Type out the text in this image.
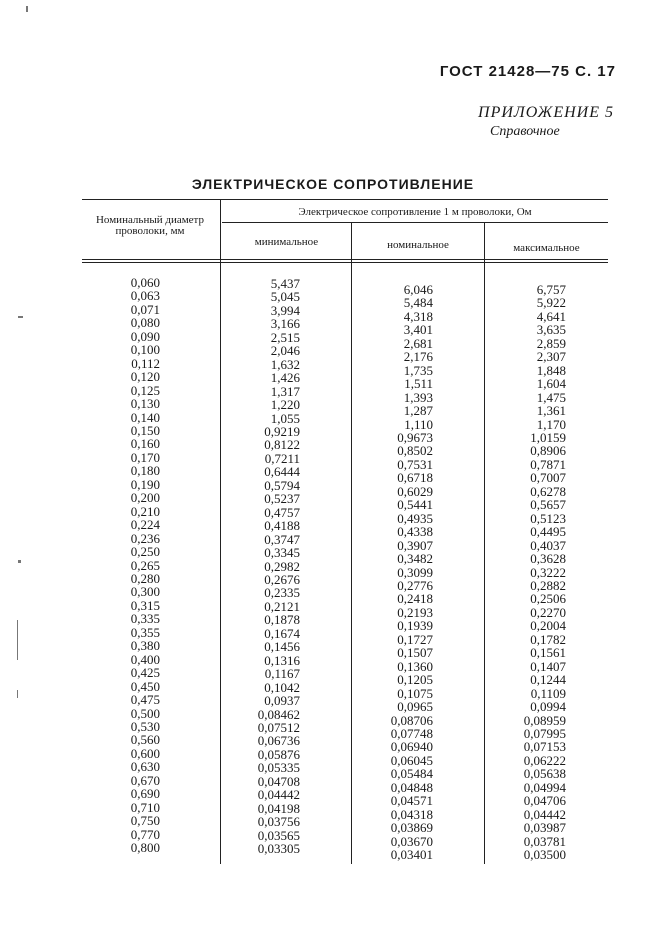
ГОСТ 21428—75 С. 17
ПРИЛОЖЕНИЕ 5
Справочное
ЭЛЕКТРИЧЕСКОЕ СОПРОТИВЛЕНИЕ
Номинальный диаметр проволоки, мм
Электрическое сопротивление 1 м проволоки, Ом
минимальное	номинальное	максимальное
0,060
0,063
0,071
0,080
0,090
0,100
0,112
0,120
0,125
0,130
0,140
0,150
0,160
0,170
0,180
0,190
0,200
0,210
0,224
0,236
0,250
0,265
0,280
0,300
0,315
0,335
0,355
0,380
0,400
0,425
0,450
0,475
0,500
0,530
0,560
0,600
0,630
0,670
0,690
0,710
0,750
0,770
0,800
5,437
5,045
3,994
3,166
2,515
2,046
1,632
1,426
1,317
1,220
1,055
0,9219
0,8122
0,7211
0,6444
0,5794
0,5237
0,4757
0,4188
0,3747
0,3345
0,2982
0,2676
0,2335
0,2121
0,1878
0,1674
0,1456
0,1316
0,1167
0,1042
0,0937
0,08462
0,07512
0,06736
0,05876
0,05335
0,04708
0,04442
0,04198
0,03756
0,03565
0,03305
6,046
5,484
4,318
3,401
2,681
2,176
1,735
1,511
1,393
1,287
1,110
0,9673
0,8502
0,7531
0,6718
0,6029
0,5441
0,4935
0,4338
0,3907
0,3482
0,3099
0,2776
0,2418
0,2193
0,1939
0,1727
0,1507
0,1360
0,1205
0,1075
0,0965
0,08706
0,07748
0,06940
0,06045
0,05484
0,04848
0,04571
0,04318
0,03869
0,03670
0,03401
6,757
5,922
4,641
3,635
2,859
2,307
1,848
1,604
1,475
1,361
1,170
1,0159
0,8906
0,7871
0,7007
0,6278
0,5657
0,5123
0,4495
0,4037
0,3628
0,3222
0,2882
0,2506
0,2270
0,2004
0,1782
0,1561
0,1407
0,1244
0,1109
0,0994
0,08959
0,07995
0,07153
0,06222
0,05638
0,04994
0,04706
0,04442
0,03987
0,03781
0,03500
